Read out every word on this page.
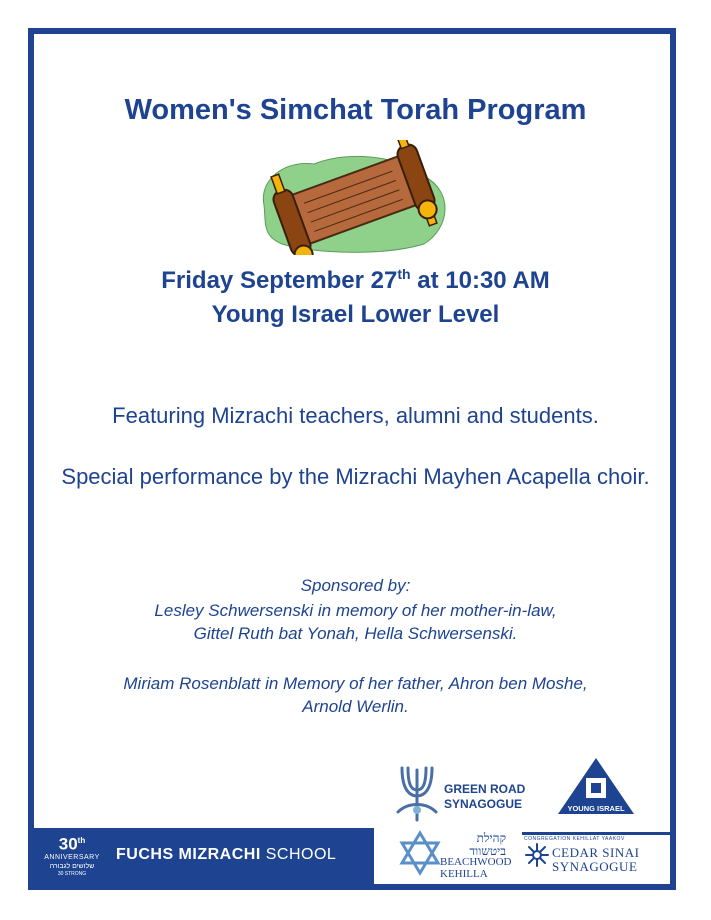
Women's Simchat Torah Program
Friday September 27th at 10:30 AM
Young Israel Lower Level
Featuring Mizrachi teachers, alumni and students.
Special performance by the Mizrachi Mayhen Acapella choir.
Sponsored by:
Lesley Schwersenski in memory of her mother-in-law,
Gittel Ruth bat Yonah, Hella Schwersenski.
Miriam Rosenblatt in Memory of her father, Ahron ben Moshe,
Arnold Werlin.
30th
ANNIVERSARY
שלושים לגבורה
30 STRONG
FUCHS MIZRACHI SCHOOL
GREEN ROAD
SYNAGOGUE	YOUNG ISRAEL
קהילת
ביטשווד
BEACHWOOD
KEHILLA
CONGREGATION KEHILLAT YAAKOV
CEDAR SINAI
SYNAGOGUE
